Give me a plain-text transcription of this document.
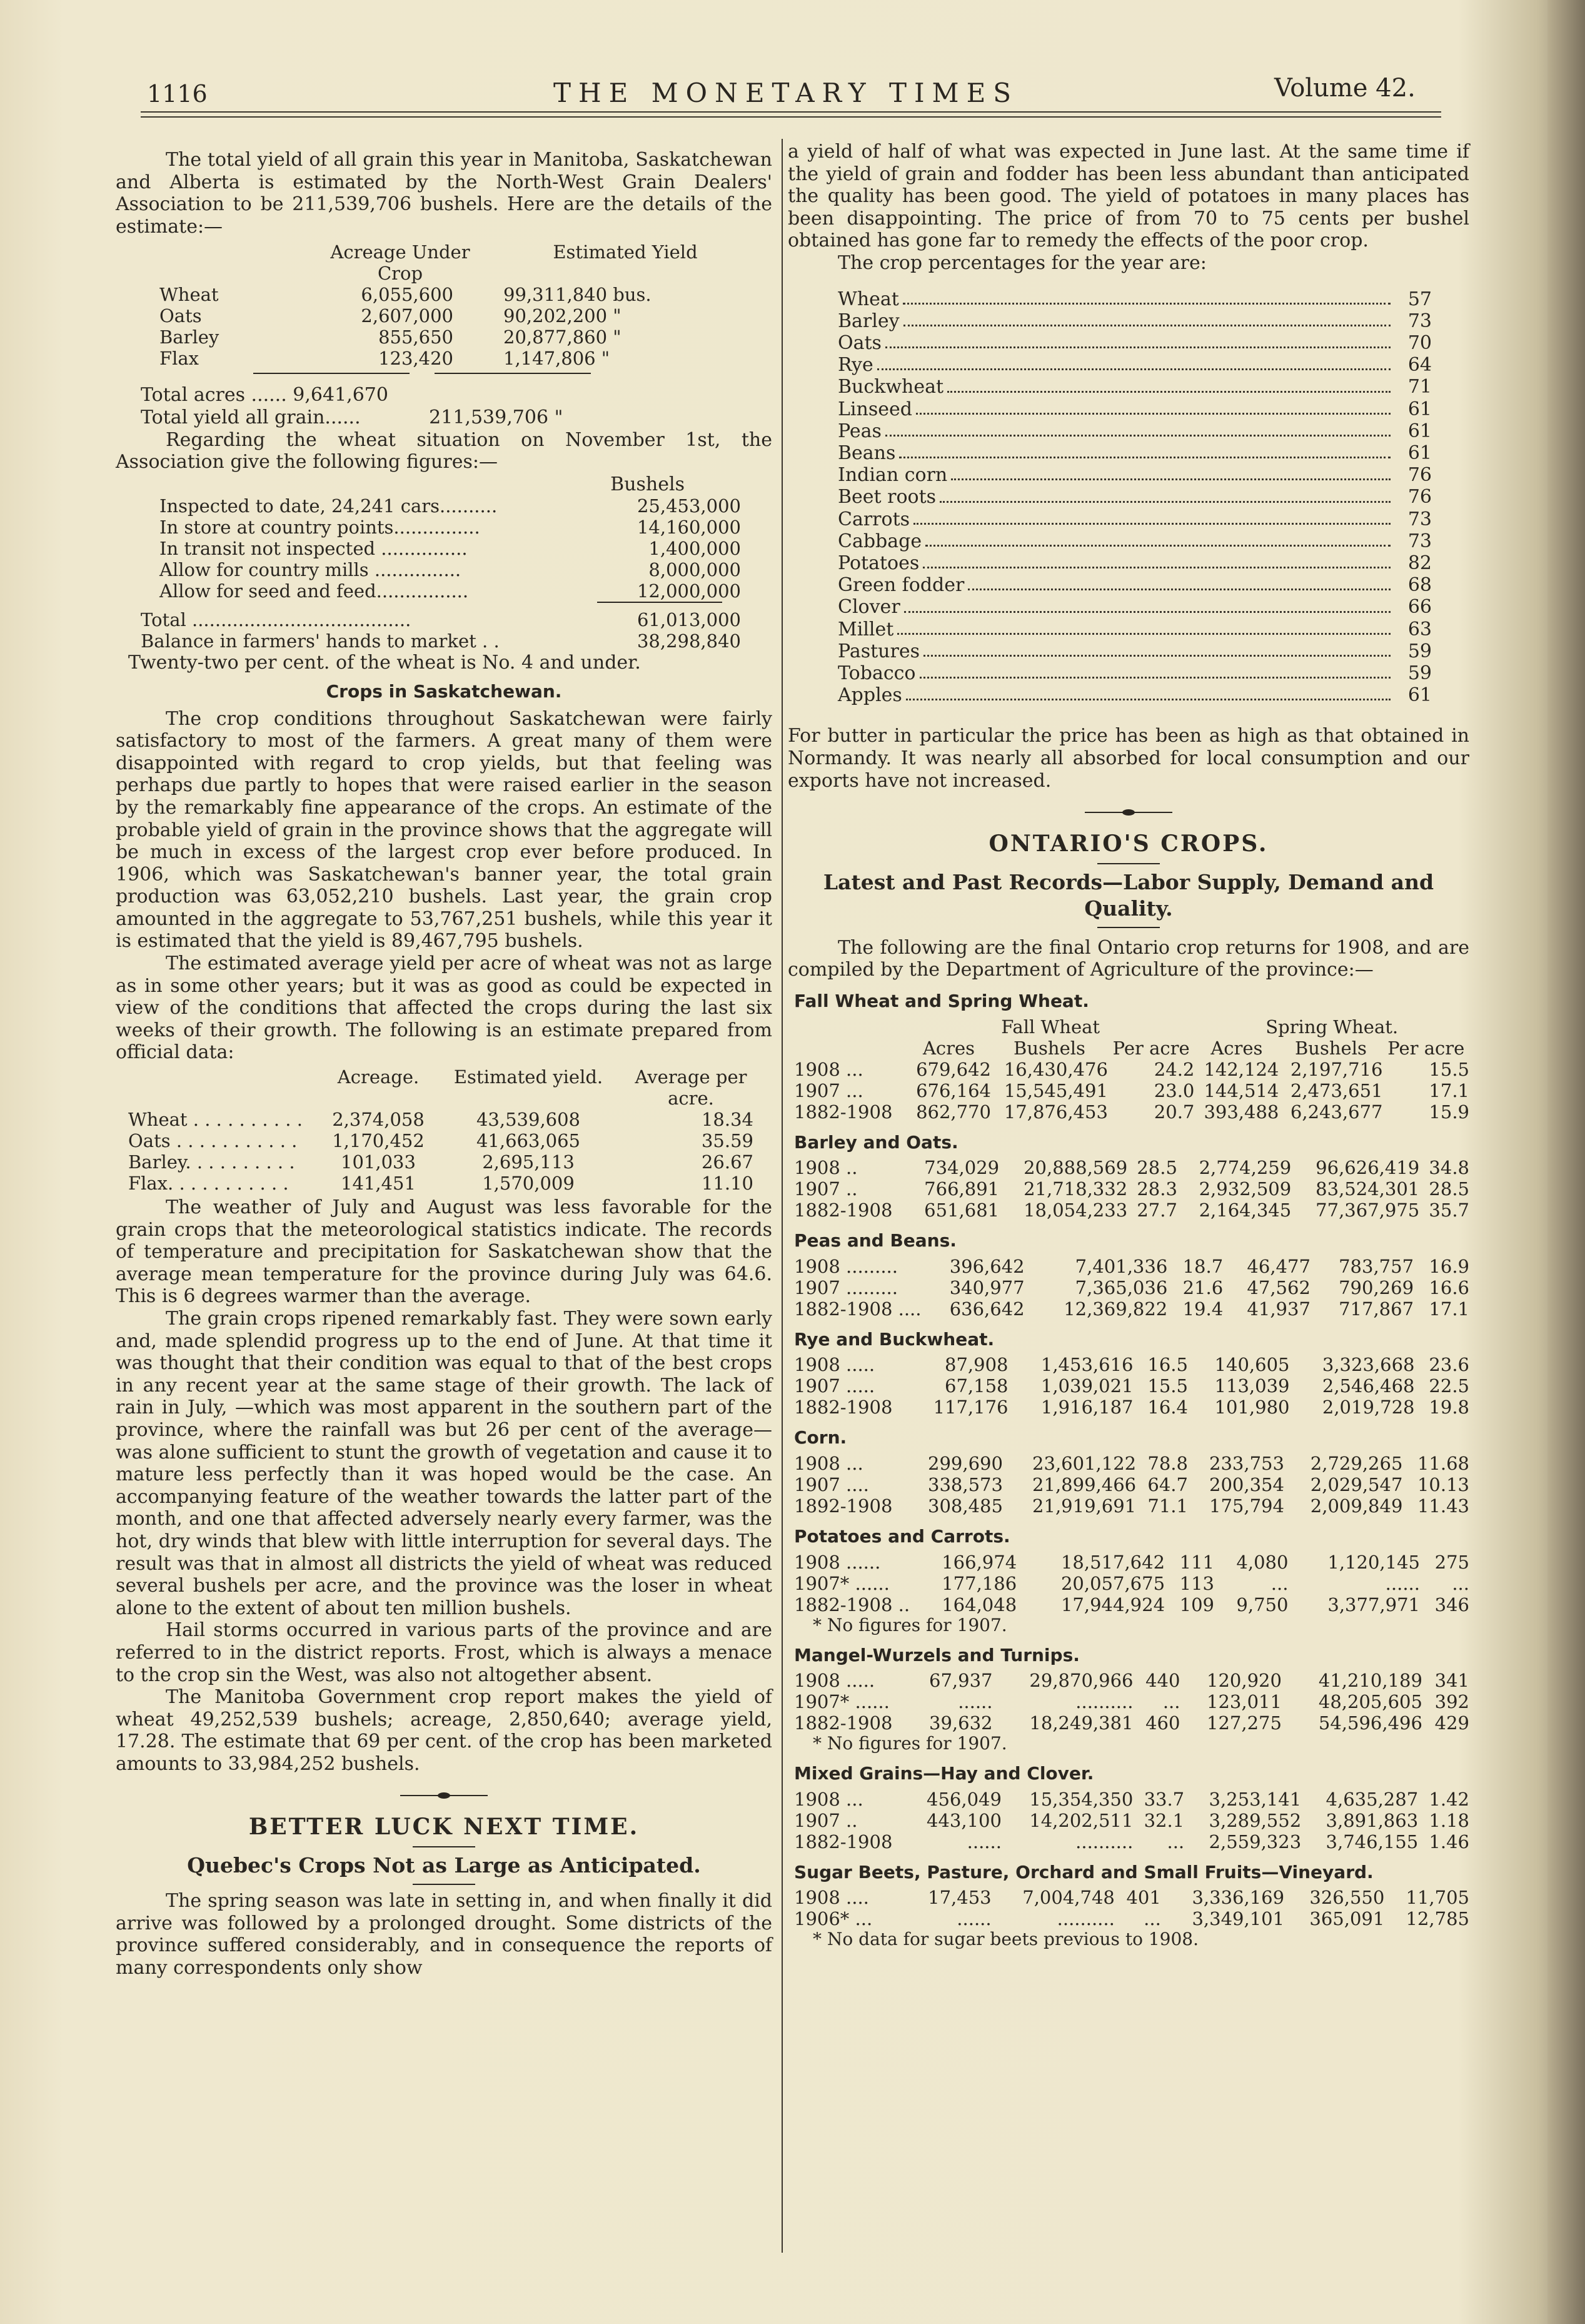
1116	THE MONETARY TIMES	Volume 42.

The total yield of all grain this year in Manitoba, Saskatchewan and Alberta is estimated by the North-West Grain Dealers' Association to be 211,539,706 bushels. Here are the details of the estimate:—

	Acreage Under Crop	Estimated Yield
Wheat	6,055,600	99,311,840 bus.
Oats	2,607,000	90,202,200 "
Barley	855,650	20,877,860 "
Flax	123,420	1,147,806 "
Total acres ...... 9,641,670
Total yield all grain......	211,539,706 "

Regarding the wheat situation on November 1st, the Association give the following figures:—

Bushels
Inspected to date, 24,241 cars..........	25,453,000
In store at country points...............	14,160,000
In transit not inspected ...............	1,400,000
Allow for country mills ...............	8,000,000
Allow for seed and feed................	12,000,000
Total ......................................	61,013,000
Balance in farmers' hands to market . .	38,298,840

Twenty-two per cent. of the wheat is No. 4 and under.

Crops in Saskatchewan.

The crop conditions throughout Saskatchewan were fairly satisfactory to most of the farmers. A great many of them were disappointed with regard to crop yields, but that feeling was perhaps due partly to hopes that were raised earlier in the season by the remarkably fine appearance of the crops. An estimate of the probable yield of grain in the province shows that the aggregate will be much in excess of the largest crop ever before produced. In 1906, which was Saskatchewan's banner year, the total grain production was 63,052,210 bushels. Last year, the grain crop amounted in the aggregate to 53,767,251 bushels, while this year it is estimated that the yield is 89,467,795 bushels.

The estimated average yield per acre of wheat was not as large as in some other years; but it was as good as could be expected in view of the conditions that affected the crops during the last six weeks of their growth. The following is an estimate prepared from official data:

	Acreage.	Estimated yield.	Average per acre.
Wheat . . . . . . . . . .	2,374,058	43,539,608	18.34
Oats . . . . . . . . . . .	1,170,452	41,663,065	35.59
Barley. . . . . . . . . .	101,033	2,695,113	26.67
Flax. . . . . . . . . . .	141,451	1,570,009	11.10

The weather of July and August was less favorable for the grain crops that the meteorological statistics indicate. The records of temperature and precipitation for Saskatchewan show that the average mean temperature for the province during July was 64.6. This is 6 degrees warmer than the average.

The grain crops ripened remarkably fast. They were sown early and, made splendid progress up to the end of June. At that time it was thought that their condition was equal to that of the best crops in any recent year at the same stage of their growth. The lack of rain in July, —which was most apparent in the southern part of the province, where the rainfall was but 26 per cent of the average—was alone sufficient to stunt the growth of vegetation and cause it to mature less perfectly than it was hoped would be the case. An accompanying feature of the weather towards the latter part of the month, and one that affected adversely nearly every farmer, was the hot, dry winds that blew with little interruption for several days. The result was that in almost all districts the yield of wheat was reduced several bushels per acre, and the province was the loser in wheat alone to the extent of about ten million bushels.

Hail storms occurred in various parts of the province and are referred to in the district reports. Frost, which is always a menace to the crop sin the West, was also not altogether absent.

The Manitoba Government crop report makes the yield of wheat 49,252,539 bushels; acreage, 2,850,640; average yield, 17.28. The estimate that 69 per cent. of the crop has been marketed amounts to 33,984,252 bushels.

BETTER LUCK NEXT TIME.
Quebec's Crops Not as Large as Anticipated.

The spring season was late in setting in, and when finally it did arrive was followed by a prolonged drought. Some districts of the province suffered considerably, and in consequence the reports of many correspondents only show

a yield of half of what was expected in June last. At the same time if the yield of grain and fodder has been less abundant than anticipated the quality has been good. The yield of potatoes in many places has been disappointing. The price of from 70 to 75 cents per bushel obtained has gone far to remedy the effects of the poor crop.

The crop percentages for the year are:

Wheat	57
Barley	73
Oats	70
Rye	64
Buckwheat	71
Linseed	61
Peas	61
Beans	61
Indian corn	76
Beet roots	76
Carrots	73
Cabbage	73
Potatoes	82
Green fodder	68
Clover	66
Millet	63
Pastures	59
Tobacco	59
Apples	61

For butter in particular the price has been as high as that obtained in Normandy. It was nearly all absorbed for local consumption and our exports have not increased.

ONTARIO'S CROPS.
Latest and Past Records—Labor Supply, Demand and Quality.

The following are the final Ontario crop returns for 1908, and are compiled by the Department of Agriculture of the province:—

Fall Wheat and Spring Wheat.
	Fall Wheat			Spring Wheat.		
	Acres	Bushels	Per acre	Acres	Bushels	Per acre
1908 ...	679,642	16,430,476	24.2	142,124	2,197,716	15.5
1907 ...	676,164	15,545,491	23.0	144,514	2,473,651	17.1
1882-1908	862,770	17,876,453	20.7	393,488	6,243,677	15.9
Barley and Oats.
1908 ..	734,029	20,888,569	28.5	2,774,259	96,626,419	34.8
1907 ..	766,891	21,718,332	28.3	2,932,509	83,524,301	28.5
1882-1908	651,681	18,054,233	27.7	2,164,345	77,367,975	35.7
Peas and Beans.
1908 .........	396,642	7,401,336	18.7	46,477	783,757	16.9
1907 .........	340,977	7,365,036	21.6	47,562	790,269	16.6
1882-1908 ....	636,642	12,369,822	19.4	41,937	717,867	17.1
Rye and Buckwheat.
1908 .....	87,908	1,453,616	16.5	140,605	3,323,668	23.6
1907 .....	67,158	1,039,021	15.5	113,039	2,546,468	22.5
1882-1908	117,176	1,916,187	16.4	101,980	2,019,728	19.8
Corn.
1908 ...	299,690	23,601,122	78.8	233,753	2,729,265	11.68
1907 ....	338,573	21,899,466	64.7	200,354	2,029,547	10.13
1892-1908	308,485	21,919,691	71.1	175,794	2,009,849	11.43
Potatoes and Carrots.
1908 ......	166,974	18,517,642	111	4,080	1,120,145	275
1907* ......	177,186	20,057,675	113	...	......	...
1882-1908 ..	164,048	17,944,924	109	9,750	3,377,971	346
* No figures for 1907.
Mangel-Wurzels and Turnips.
1908 .....	67,937	29,870,966	440	120,920	41,210,189	341
1907* ......	......	..........	...	123,011	48,205,605	392
1882-1908	39,632	18,249,381	460	127,275	54,596,496	429
* No figures for 1907.
Mixed Grains—Hay and Clover.
1908 ...	456,049	15,354,350	33.7	3,253,141	4,635,287	1.42
1907 ..	443,100	14,202,511	32.1	3,289,552	3,891,863	1.18
1882-1908	......	..........	...	2,559,323	3,746,155	1.46
Sugar Beets, Pasture, Orchard and Small Fruits—Vineyard.
1908 ....	17,453	7,004,748	401	3,336,169	326,550	11,705
1906* ...	......	..........	...	3,349,101	365,091	12,785
* No data for sugar beets previous to 1908.
